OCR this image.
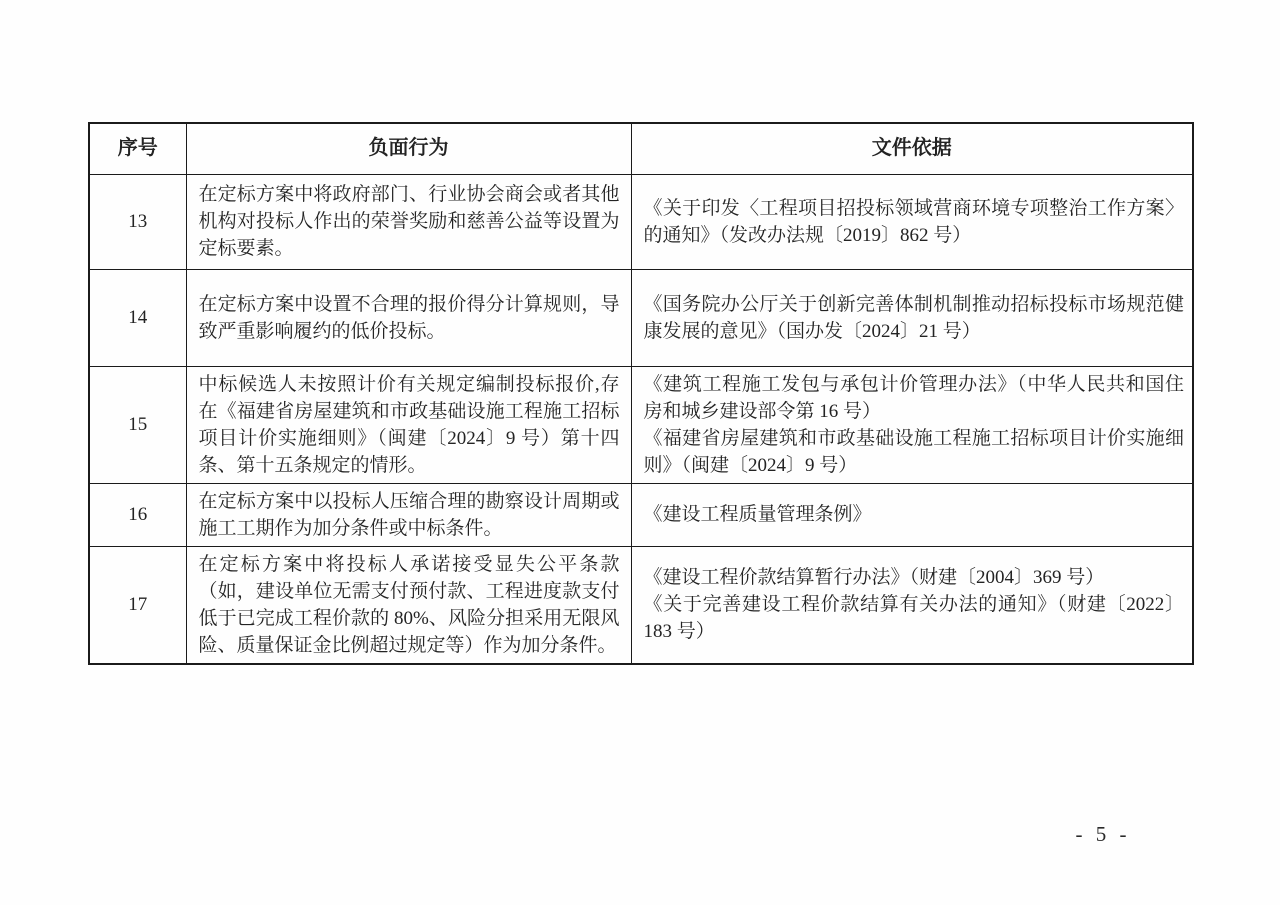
序号	负面行为	文件依据
13	在定标方案中将政府部门、行业协会商会或者其他机构对投标人作出的荣誉奖励和慈善公益等设置为定标要素。	《关于印发〈工程项目招投标领域营商环境专项整治工作方案〉的通知》（发改办法规〔2019〕862 号）

14	在定标方案中设置不合理的报价得分计算规则，导致严重影响履约的低价投标。	《国务院办公厅关于创新完善体制机制推动招标投标市场规范健康发展的意见》（国办发〔2024〕21 号）

15	中标候选人未按照计价有关规定编制投标报价,存在《福建省房屋建筑和市政基础设施工程施工招标项目计价实施细则》（闽建〔2024〕9 号）第十四条、第十五条规定的情形。	《建筑工程施工发包与承包计价管理办法》（中华人民共和国住房和城乡建设部令第 16 号）
《福建省房屋建筑和市政基础设施工程施工招标项目计价实施细则》（闽建〔2024〕9 号）

16	在定标方案中以投标人压缩合理的勘察设计周期或施工工期作为加分条件或中标条件。	《建设工程质量管理条例》

17	在定标方案中将投标人承诺接受显失公平条款（如，建设单位无需支付预付款、工程进度款支付低于已完成工程价款的 80%、风险分担采用无限风险、质量保证金比例超过规定等）作为加分条件。	《建设工程价款结算暂行办法》（财建〔2004〕369 号）
《关于完善建设工程价款结算有关办法的通知》（财建〔2022〕183 号）
- 5 -
